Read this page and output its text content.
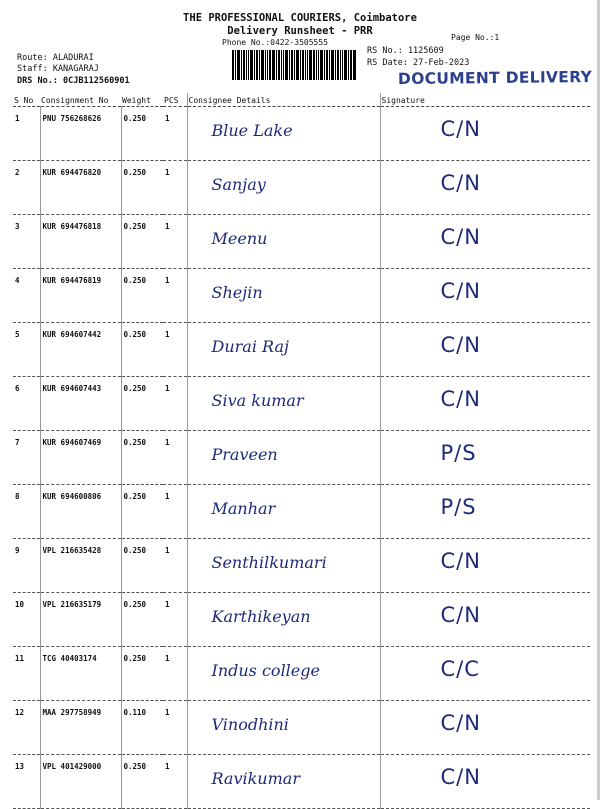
THE PROFESSIONAL COURIERS, Coimbatore
Delivery Runsheet - PRR
Phone No.:0422-3505555
Page No.:1
RS No.: 1125609
RS Date: 27-Feb-2023
DOCUMENT DELIVERY
Route: ALADURAI
Staff: KANAGARAJ
DRS No.: 0CJB112560901
S No	Consignment No	Weight	PCS	Consignee Details	Signature
1	PNU 756268626	0.250	1	Blue Lake	C/N
2	KUR 694476820	0.250	1	Sanjay	C/N
3	KUR 694476818	0.250	1	Meenu	C/N
4	KUR 694476819	0.250	1	Shejin	C/N
5	KUR 694607442	0.250	1	Durai Raj	C/N
6	KUR 694607443	0.250	1	Siva kumar	C/N
7	KUR 694607469	0.250	1	Praveen	P/S
8	KUR 694600806	0.250	1	Manhar	P/S
9	VPL 216635428	0.250	1	Senthilkumari	C/N
10	VPL 216635179	0.250	1	Karthikeyan	C/N
11	TCG 40403174	0.250	1	Indus college	C/C
12	MAA 297758949	0.110	1	Vinodhini	C/N
13	VPL 401429000	0.250	1	Ravikumar	C/N
